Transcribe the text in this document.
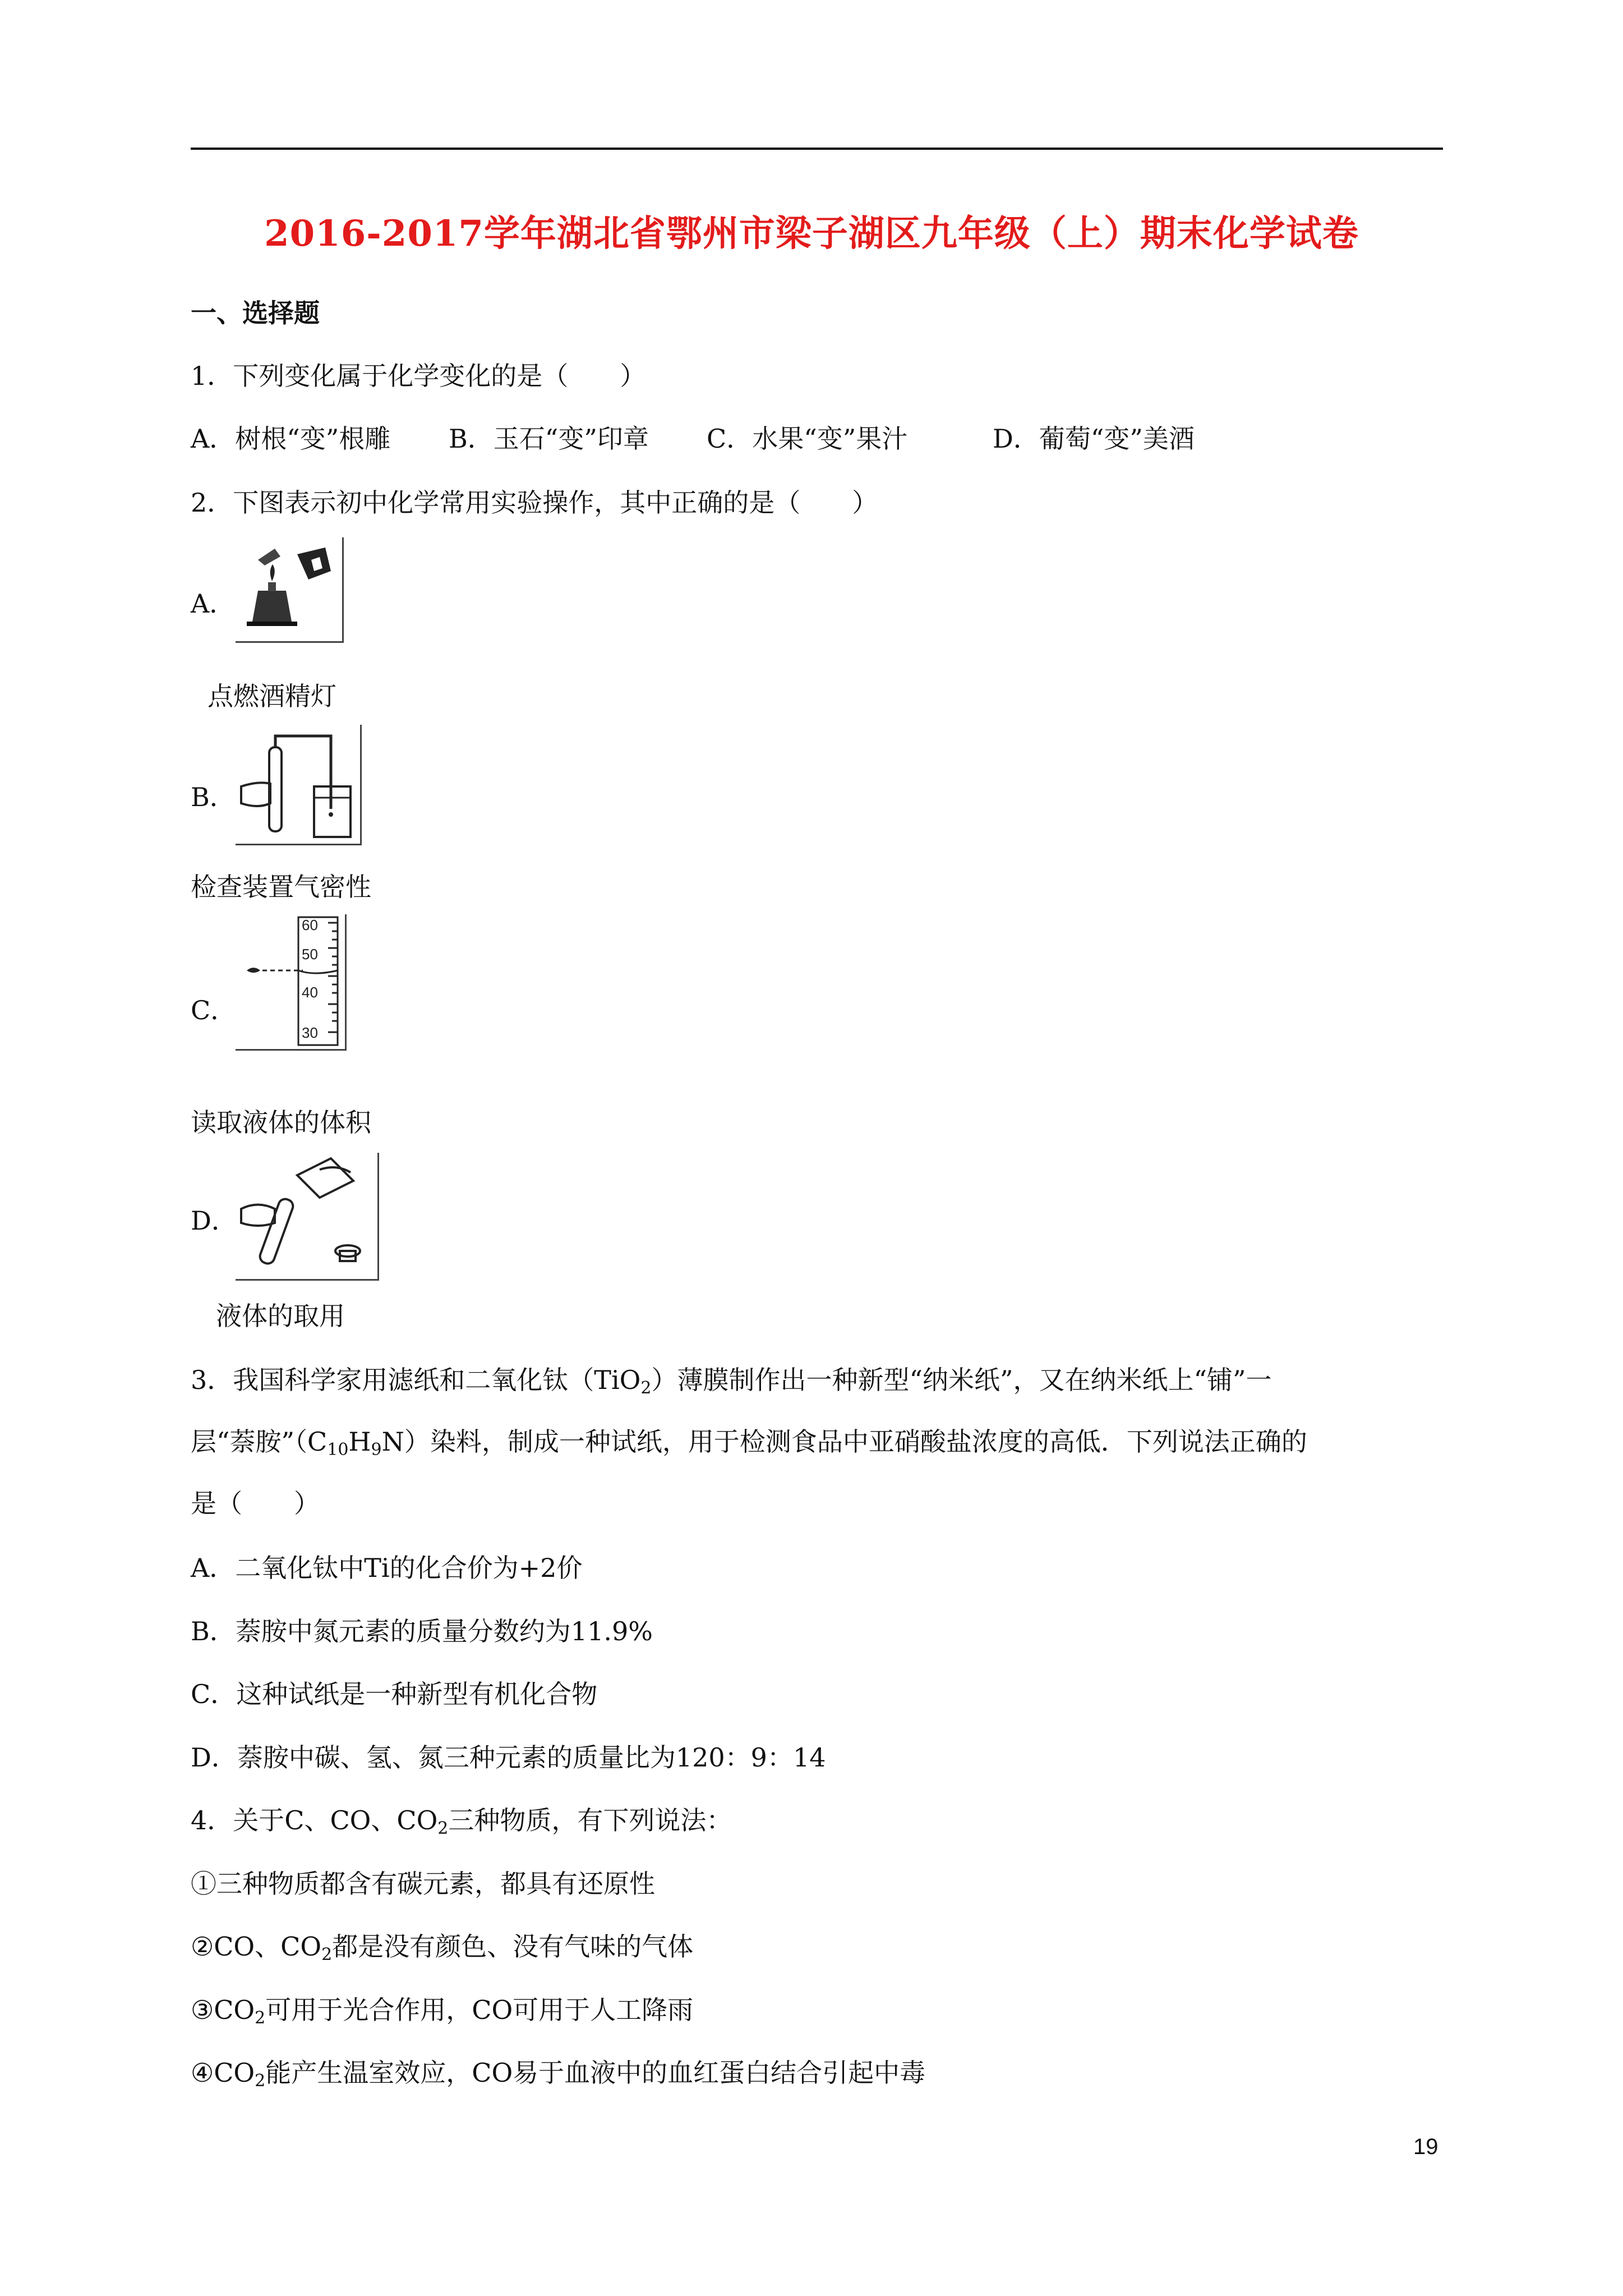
2016-2017学年湖北省鄂州市梁子湖区九年级（上）期末化学试卷
一、选择题
1．下列变化属于化学变化的是（　　）
A．树根“变”根雕 B．玉石“变”印章 C．水果“变”果汁	D．葡萄“变”美酒
2．下图表示初中化学常用实验操作，其中正确的是（　　）
A．
点燃酒精灯
B．
检查装置气密性
C．
60
50
40
30
读取液体的体积
D．
液体的取用
3．我国科学家用滤纸和二氧化钛（TiO$_2$）薄膜制作出一种新型“纳米纸”，又在纳米纸上“铺”一
层“萘胺$”(C_{10}H_9N)$染料，制成一种试纸，用于检测食品中亚硝酸盐浓度的高低．下列说法正确的
是（　　）
A．二氧化钛中Ti的化合价为+2价
B．萘胺中氮元素的质量分数约为11.9%
C．这种试纸是一种新型有机化合物
D．萘胺中碳、氢、氮三种元素的质量比为120：9：14
4．关于C、CO、$CO_2$三种物质，有下列说法：
①三种物质都含有碳元素，都具有还原性
②CO、$CO_2$都是没有颜色、没有气味的气体
$③CO_2$可用于光合作用，CO可用于人工降雨
$④CO_2$能产生温室效应，CO易于血液中的血红蛋白结合引起中毒
19
